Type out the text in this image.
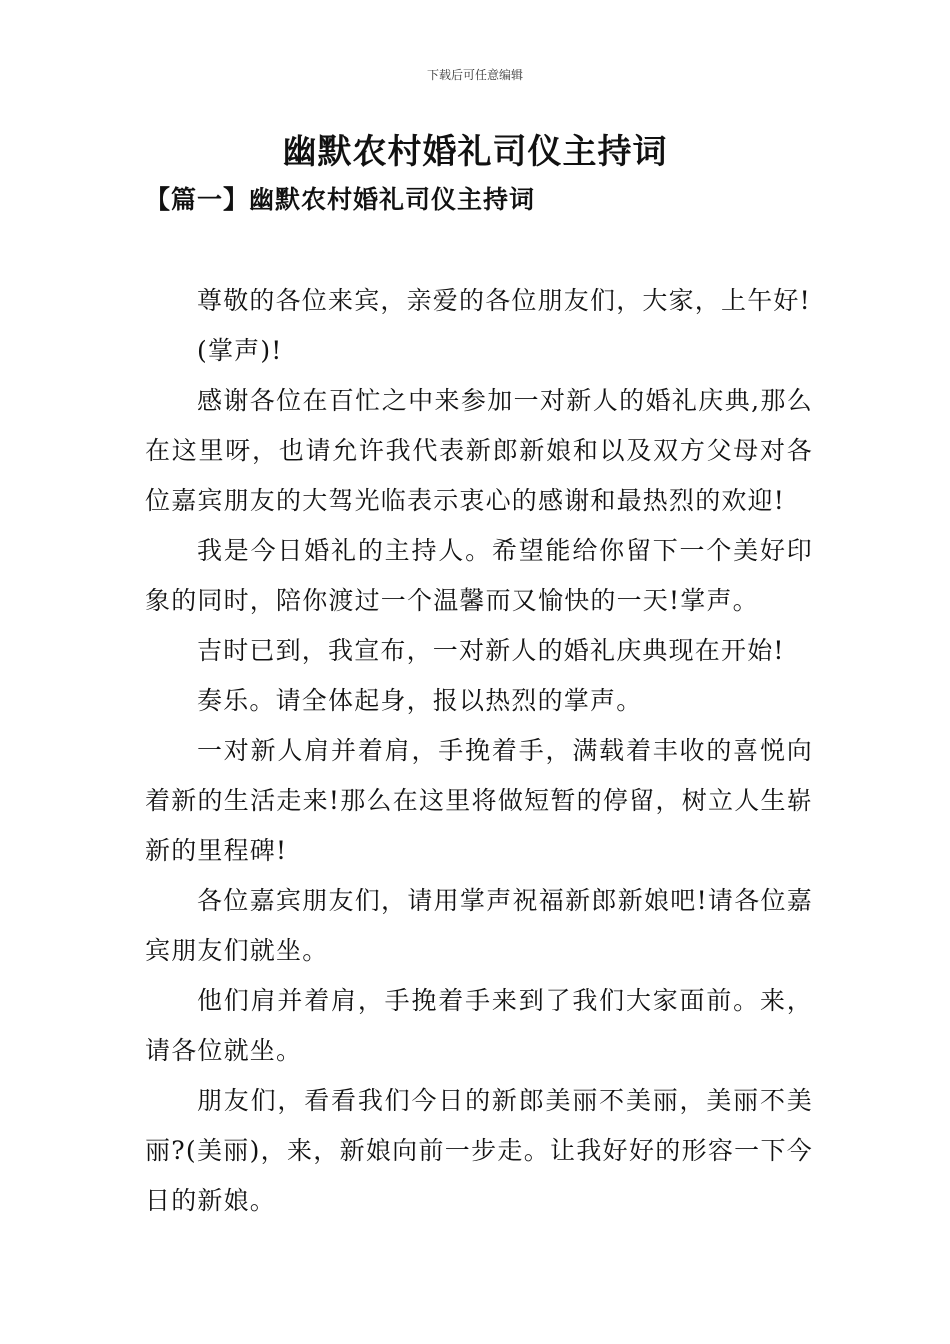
下载后可任意编辑
幽默农村婚礼司仪主持词
【篇一】幽默农村婚礼司仪主持词

尊敬的各位来宾，亲爱的各位朋友们，大家，上午好!

(掌声)!

感谢各位在百忙之中来参加一对新人的婚礼庆典,那么在这里呀，也请允许我代表新郎新娘和以及双方父母对各位嘉宾朋友的大驾光临表示衷心的感谢和最热烈的欢迎!

我是今日婚礼的主持人。希望能给你留下一个美好印象的同时，陪你渡过一个温馨而又愉快的一天!掌声。

吉时已到，我宣布，一对新人的婚礼庆典现在开始!

奏乐。请全体起身，报以热烈的掌声。

一对新人肩并着肩，手挽着手，满载着丰收的喜悦向着新的生活走来!那么在这里将做短暂的停留，树立人生崭新的里程碑!

各位嘉宾朋友们，请用掌声祝福新郎新娘吧!请各位嘉宾朋友们就坐。

他们肩并着肩，手挽着手来到了我们大家面前。来，请各位就坐。

朋友们，看看我们今日的新郎美丽不美丽，美丽不美丽?(美丽)，来，新娘向前一步走。让我好好的形容一下今日的新娘。
